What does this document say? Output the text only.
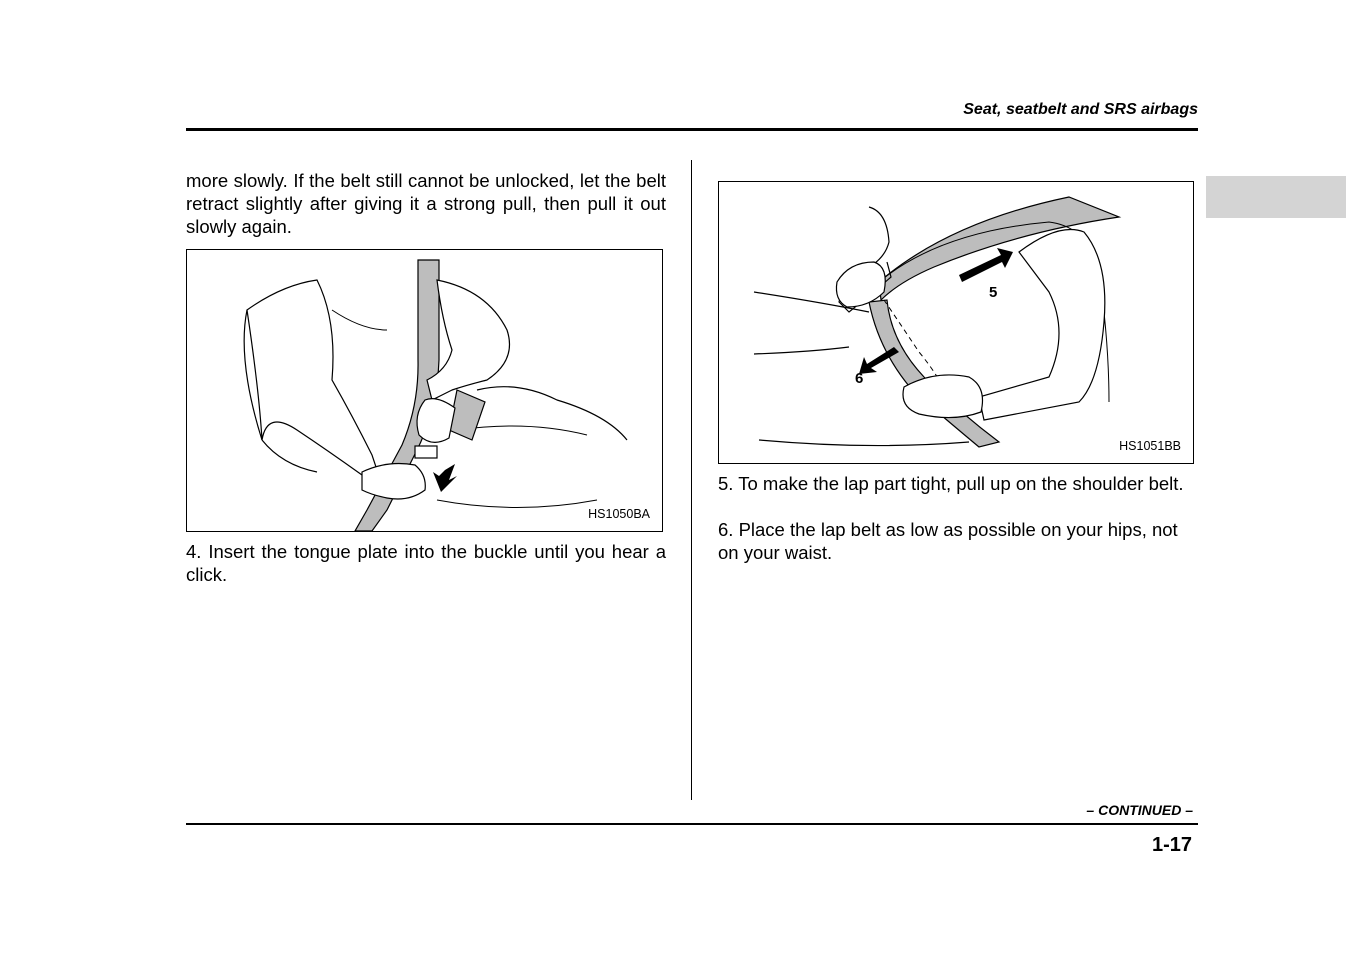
Seat, seatbelt and SRS airbags
more slowly. If the belt still cannot be unlocked, let the belt retract slightly after giving it a strong pull, then pull it out slowly again.
HS1050BA
4. Insert the tongue plate into the buckle until you hear a click.
5
6
HS1051BB
5. To make the lap part tight, pull up on the shoulder belt.
6. Place the lap belt as low as possible on your hips, not on your waist.
– CONTINUED –
1-17
